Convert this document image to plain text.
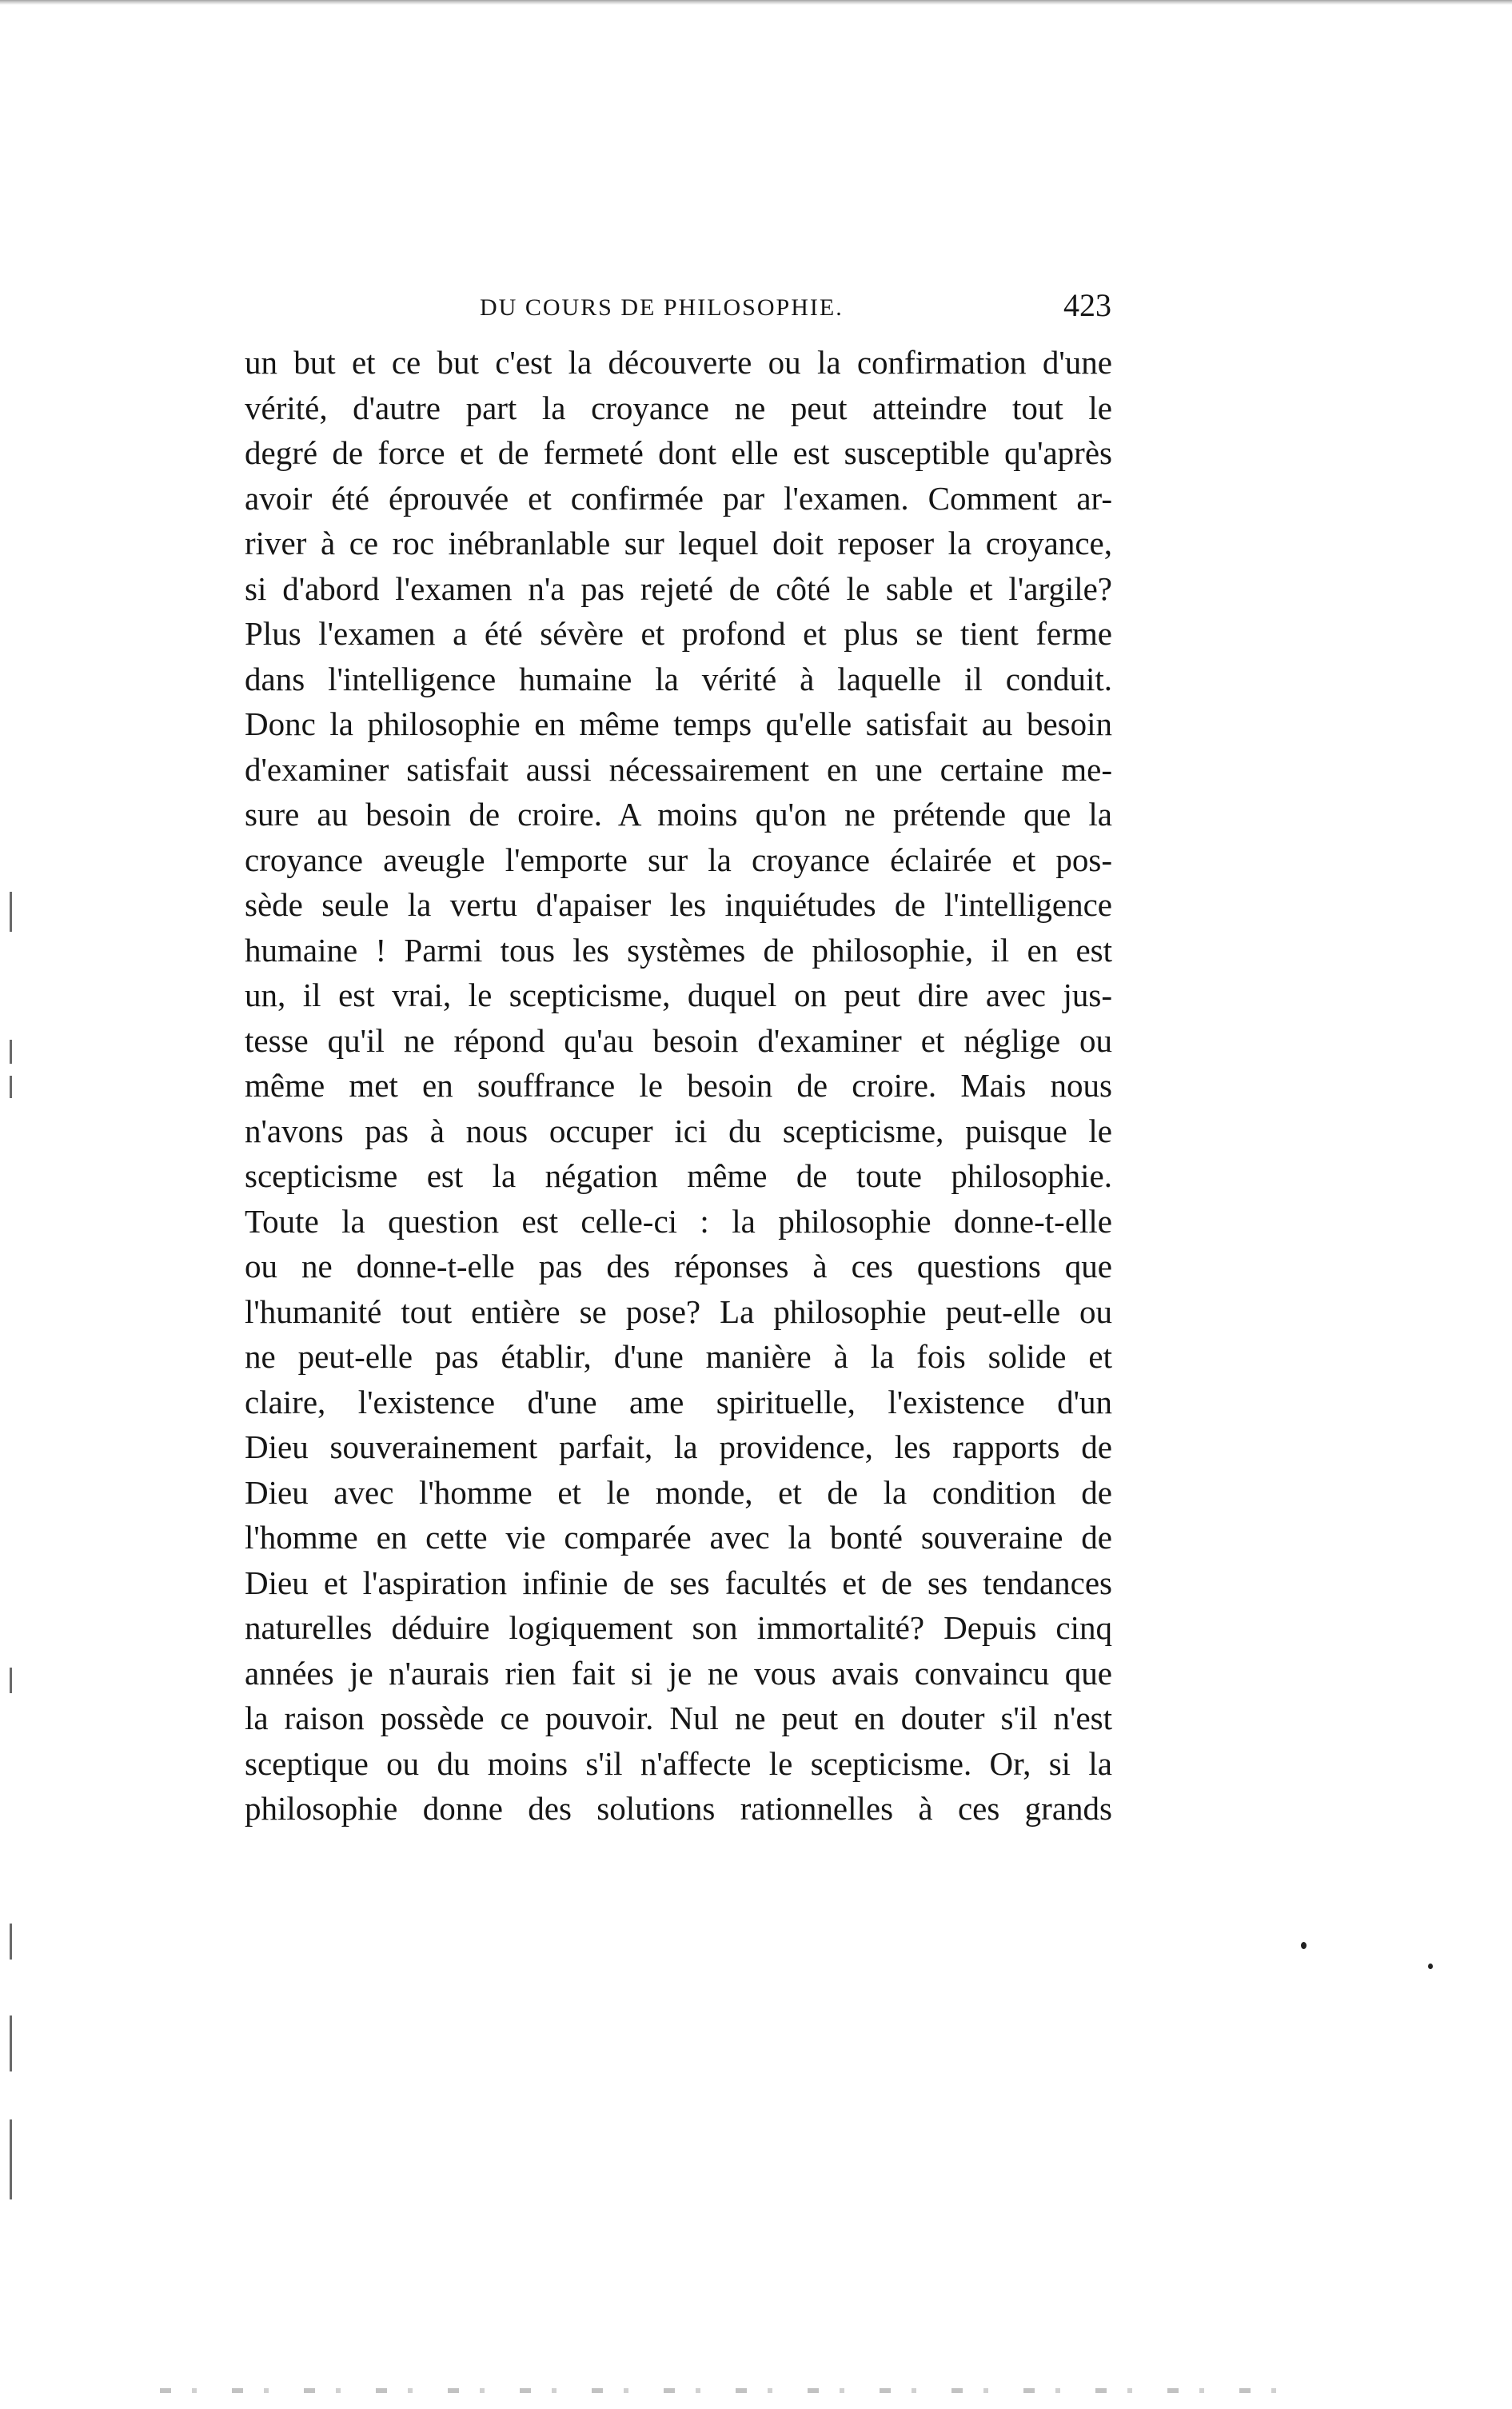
DU COURS DE PHILOSOPHIE.	423
un but et ce but c'est la découverte ou la confirmation d'une
vérité, d'autre part la croyance ne peut atteindre tout le
degré de force et de fermeté dont elle est susceptible qu'après
avoir été éprouvée et confirmée par l'examen. Comment ar-
river à ce roc inébranlable sur lequel doit reposer la croyance,
si d'abord l'examen n'a pas rejeté de côté le sable et l'argile?
Plus l'examen a été sévère et profond et plus se tient ferme
dans l'intelligence humaine la vérité à laquelle il conduit.
Donc la philosophie en même temps qu'elle satisfait au besoin
d'examiner satisfait aussi nécessairement en une certaine me-
sure au besoin de croire. A moins qu'on ne prétende que la
croyance aveugle l'emporte sur la croyance éclairée et pos-
sède seule la vertu d'apaiser les inquiétudes de l'intelligence
humaine ! Parmi tous les systèmes de philosophie, il en est
un, il est vrai, le scepticisme, duquel on peut dire avec jus-
tesse qu'il ne répond qu'au besoin d'examiner et néglige ou
même met en souffrance le besoin de croire. Mais nous
n'avons pas à nous occuper ici du scepticisme, puisque le
scepticisme est la négation même de toute philosophie.
Toute la question est celle-ci : la philosophie donne-t-elle
ou ne donne-t-elle pas des réponses à ces questions que
l'humanité tout entière se pose? La philosophie peut-elle ou
ne peut-elle pas établir, d'une manière à la fois solide et
claire, l'existence d'une ame spirituelle, l'existence d'un
Dieu souverainement parfait, la providence, les rapports de
Dieu avec l'homme et le monde, et de la condition de
l'homme en cette vie comparée avec la bonté souveraine de
Dieu et l'aspiration infinie de ses facultés et de ses tendances
naturelles déduire logiquement son immortalité? Depuis cinq
années je n'aurais rien fait si je ne vous avais convaincu que
la raison possède ce pouvoir. Nul ne peut en douter s'il n'est
sceptique ou du moins s'il n'affecte le scepticisme. Or, si la
philosophie donne des solutions rationnelles à ces grands
